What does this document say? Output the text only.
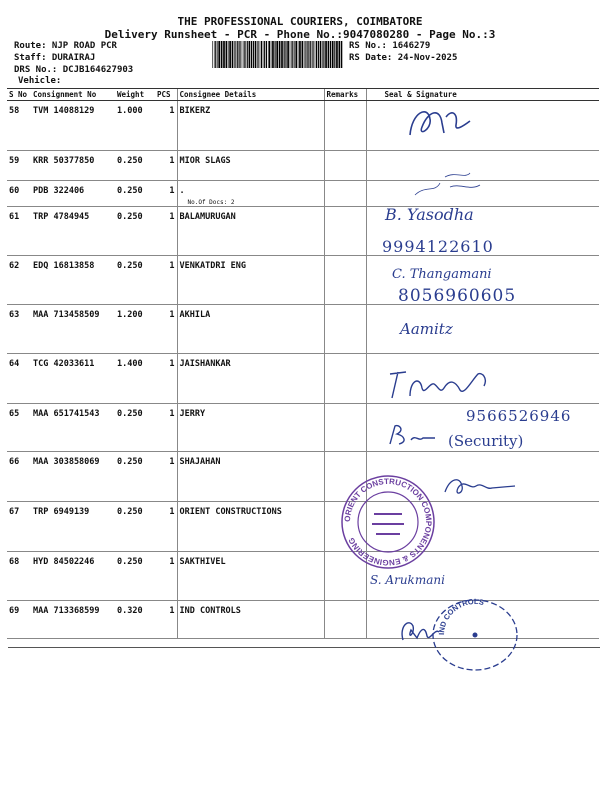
THE PROFESSIONAL COURIERS, COIMBATORE
Delivery Runsheet - PCR - Phone No.:9047080280 - Page No.:3
Route: NJP ROAD PCR
Staff: DURAIRAJ
DRS No.: DCJB164627903
Vehicle:
RS No.: 1646279
RS Date: 24-Nov-2025
S No	Consignment No	Weight	PCS	Consignee Details	Remarks	Seal & Signature
58	TVM 14088129	1.000	1	BIKERZ		
59	KRR 50377850	0.250	1	MIOR SLAGS		
60	PDB 322406	0.250	1	.
No.Of Docs: 2		

61	TRP 4784945	0.250	1	BALAMURUGAN		
62	EDQ 16813858	0.250	1	VENKATDRI ENG		
63	MAA 713458509	1.200	1	AKHILA		
64	TCG 42033611	1.400	1	JAISHANKAR		
65	MAA 651741543	0.250	1	JERRY		
66	MAA 303858069	0.250	1	SHAJAHAN		
67	TRP 6949139	0.250	1	ORIENT CONSTRUCTIONS		
68	HYD 84502246	0.250	1	SAKTHIVEL		
69	MAA 713368599	0.320	1	IND CONTROLS		
B. Yasodha
9994122610
C. Thangamani
8056960605
Aamitz
9566526946
(Security)
ORIENT CONSTRUCTION COMPONENTS & ENGINEERING
S. Arukmani
IND CONTROLS
